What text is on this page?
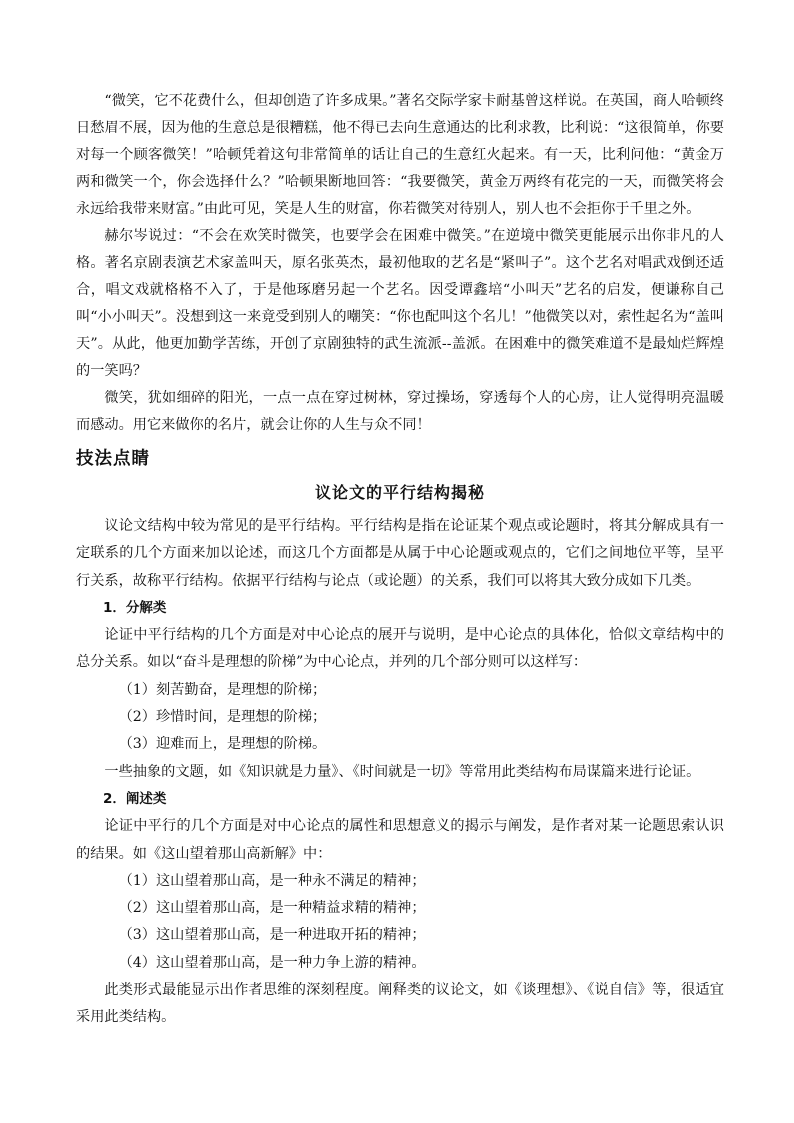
“微笑，它不花费什么，但却创造了许多成果。”著名交际学家卡耐基曾这样说。在英国，商人哈顿终日愁眉不展，因为他的生意总是很糟糕，他不得已去向生意通达的比利求教，比利说：“这很简单，你要对每一个顾客微笑！”哈顿凭着这句非常简单的话让自己的生意红火起来。有一天，比利问他：“黄金万两和微笑一个，你会选择什么？”哈顿果断地回答：“我要微笑，黄金万两终有花完的一天，而微笑将会永远给我带来财富。”由此可见，笑是人生的财富，你若微笑对待别人，别人也不会拒你于千里之外。

赫尔岑说过：“不会在欢笑时微笑，也要学会在困难中微笑。”在逆境中微笑更能展示出你非凡的人格。著名京剧表演艺术家盖叫天，原名张英杰，最初他取的艺名是“紧叫子”。这个艺名对唱武戏倒还适合，唱文戏就格格不入了，于是他琢磨另起一个艺名。因受谭鑫培“小叫天”艺名的启发，便谦称自己叫“小小叫天”。没想到这一来竟受到别人的嘲笑：“你也配叫这个名儿！”他微笑以对，索性起名为“盖叫天”。从此，他更加勤学苦练，开创了京剧独特的武生流派--盖派。在困难中的微笑难道不是最灿烂辉煌的一笑吗？

微笑，犹如细碎的阳光，一点一点在穿过树林，穿过操场，穿透每个人的心房，让人觉得明亮温暖而感动。用它来做你的名片，就会让你的人生与众不同！

技法点睛
议论文的平行结构揭秘

议论文结构中较为常见的是平行结构。平行结构是指在论证某个观点或论题时，将其分解成具有一定联系的几个方面来加以论述，而这几个方面都是从属于中心论题或观点的，它们之间地位平等，呈平行关系，故称平行结构。依据平行结构与论点（或论题）的关系，我们可以将其大致分成如下几类。

1．分解类

论证中平行结构的几个方面是对中心论点的展开与说明，是中心论点的具体化，恰似文章结构中的总分关系。如以“奋斗是理想的阶梯”为中心论点，并列的几个部分则可以这样写：

（1）刻苦勤奋，是理想的阶梯；

（2）珍惜时间，是理想的阶梯；

（3）迎难而上，是理想的阶梯。

一些抽象的文题，如《知识就是力量》、《时间就是一切》等常用此类结构布局谋篇来进行论证。

2．阐述类

论证中平行的几个方面是对中心论点的属性和思想意义的揭示与阐发，是作者对某一论题思索认识的结果。如《这山望着那山高新解》中：

（1）这山望着那山高，是一种永不满足的精神；

（2）这山望着那山高，是一种精益求精的精神；

（3）这山望着那山高，是一种进取开拓的精神；

（4）这山望着那山高，是一种力争上游的精神。

此类形式最能显示出作者思维的深刻程度。阐释类的议论文，如《谈理想》、《说自信》等，很适宜采用此类结构。
